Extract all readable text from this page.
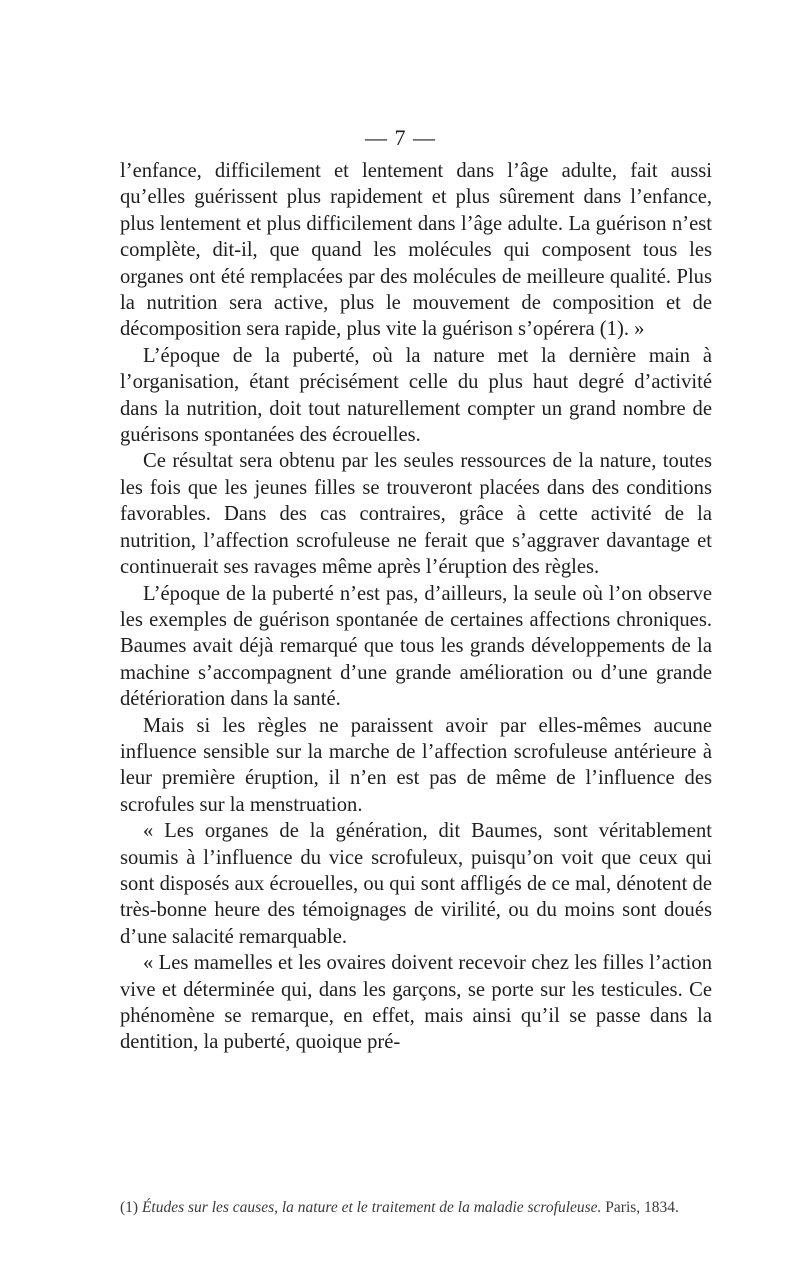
— 7 —

l’enfance, difficilement et lentement dans l’âge adulte, fait aussi qu’elles guérissent plus rapidement et plus sûrement dans l’enfance, plus lentement et plus difficilement dans l’âge adulte. La guérison n’est complète, dit-il, que quand les molécules qui composent tous les organes ont été remplacées par des molécules de meilleure qualité. Plus la nutrition sera active, plus le mouvement de composition et de décomposition sera rapide, plus vite la guérison s’opérera (1). »

L’époque de la puberté, où la nature met la dernière main à l’organisation, étant précisément celle du plus haut degré d’activité dans la nutrition, doit tout naturellement compter un grand nombre de guérisons spontanées des écrouelles.

Ce résultat sera obtenu par les seules ressources de la nature, toutes les fois que les jeunes filles se trouveront placées dans des conditions favorables. Dans des cas contraires, grâce à cette activité de la nutrition, l’affection scrofuleuse ne ferait que s’aggraver davantage et continuerait ses ravages même après l’éruption des règles.

L’époque de la puberté n’est pas, d’ailleurs, la seule où l’on observe les exemples de guérison spontanée de certaines affections chroniques. Baumes avait déjà remarqué que tous les grands développements de la machine s’accompagnent d’une grande amélioration ou d’une grande détérioration dans la santé.

Mais si les règles ne paraissent avoir par elles-mêmes aucune influence sensible sur la marche de l’affection scrofuleuse antérieure à leur première éruption, il n’en est pas de même de l’influence des scrofules sur la menstruation.

« Les organes de la génération, dit Baumes, sont véritablement soumis à l’influence du vice scrofuleux, puisqu’on voit que ceux qui sont disposés aux écrouelles, ou qui sont affligés de ce mal, dénotent de très-bonne heure des témoignages de virilité, ou du moins sont doués d’une salacité remarquable.

« Les mamelles et les ovaires doivent recevoir chez les filles l’action vive et déterminée qui, dans les garçons, se porte sur les testicules. Ce phénomène se remarque, en effet, mais ainsi qu’il se passe dans la dentition, la puberté, quoique pré-

(1) Études sur les causes, la nature et le traitement de la maladie scrofuleuse. Paris, 1834.
